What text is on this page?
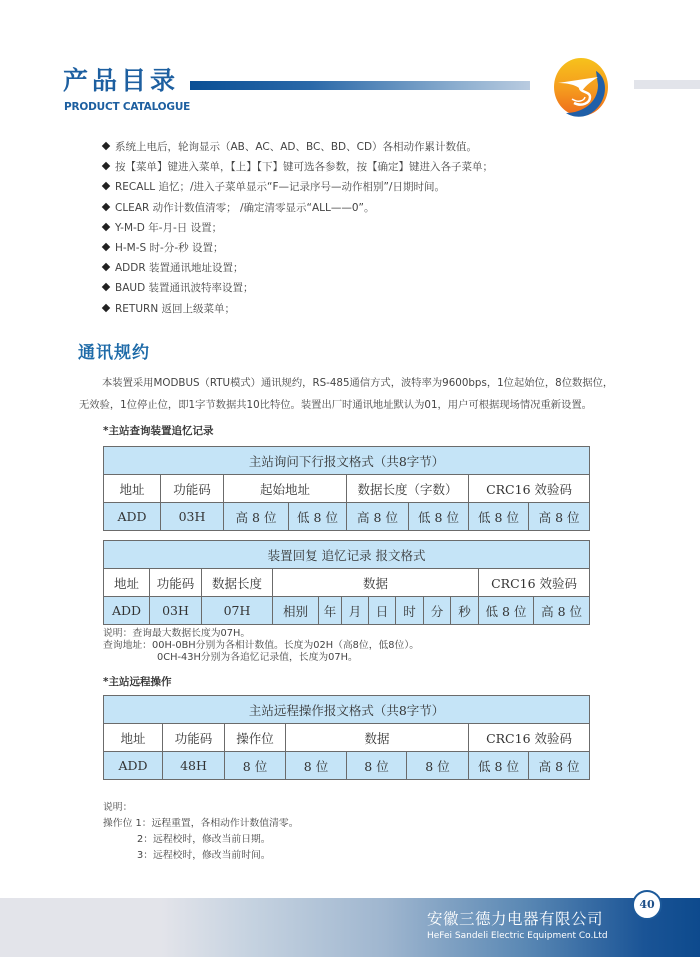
产品目录
PRODUCT CATALOGUE
系统上电后，轮询显示（AB、AC、AD、BC、BD、CD）各相动作累计数值。
按【菜单】键进入菜单，【上】【下】键可选各参数，按【确定】键进入各子菜单；
RECALL 追忆；/进入子菜单显示“F—记录序号—动作相别”/日期时间。
CLEAR 动作计数值清零； /确定清零显示“ALL——0”。
Y-M-D 年-月-日 设置；
H-M-S 时-分-秒 设置；
ADDR 装置通讯地址设置；
BAUD 装置通讯波特率设置；
RETURN 返回上级菜单；
通讯规约
本装置采用MODBUS（RTU模式）通讯规约，RS-485通信方式，波特率为9600bps，1位起始位，8位数据位，
无效验，1位停止位，即1字节数据共10比特位。装置出厂时通讯地址默认为01，用户可根据现场情况重新设置。
*主站查询装置追忆记录
主站询问下行报文格式（共8字节）							
地址	功能码	起始地址		数据长度（字数）		CRC16 效验码	
ADD	03H	高 8 位	低 8 位	高 8 位	低 8 位	低 8 位	高 8 位
装置回复 追忆记录 报文格式											
地址	功能码	数据长度	数据							CRC16 效验码	
ADD	03H	07H	相别	年	月	日	时	分	秒	低 8 位	高 8 位
说明：查询最大数据长度为07H。
查询地址：00H-0BH分别为各相计数值。长度为02H（高8位，低8位）。
0CH-43H分别为各追忆记录值，长度为07H。
*主站远程操作
主站远程操作报文格式（共8字节）							
地址	功能码	操作位	数据			CRC16 效验码	
ADD	48H	8 位	8 位	8 位	8 位	低 8 位	高 8 位
说明：
操作位 1：远程重置，各相动作计数值清零。
2：远程校时，修改当前日期。
3：远程校时，修改当前时间。
40
安徽三德力电器有限公司
HeFei Sandeli Electric Equipment Co.Ltd
